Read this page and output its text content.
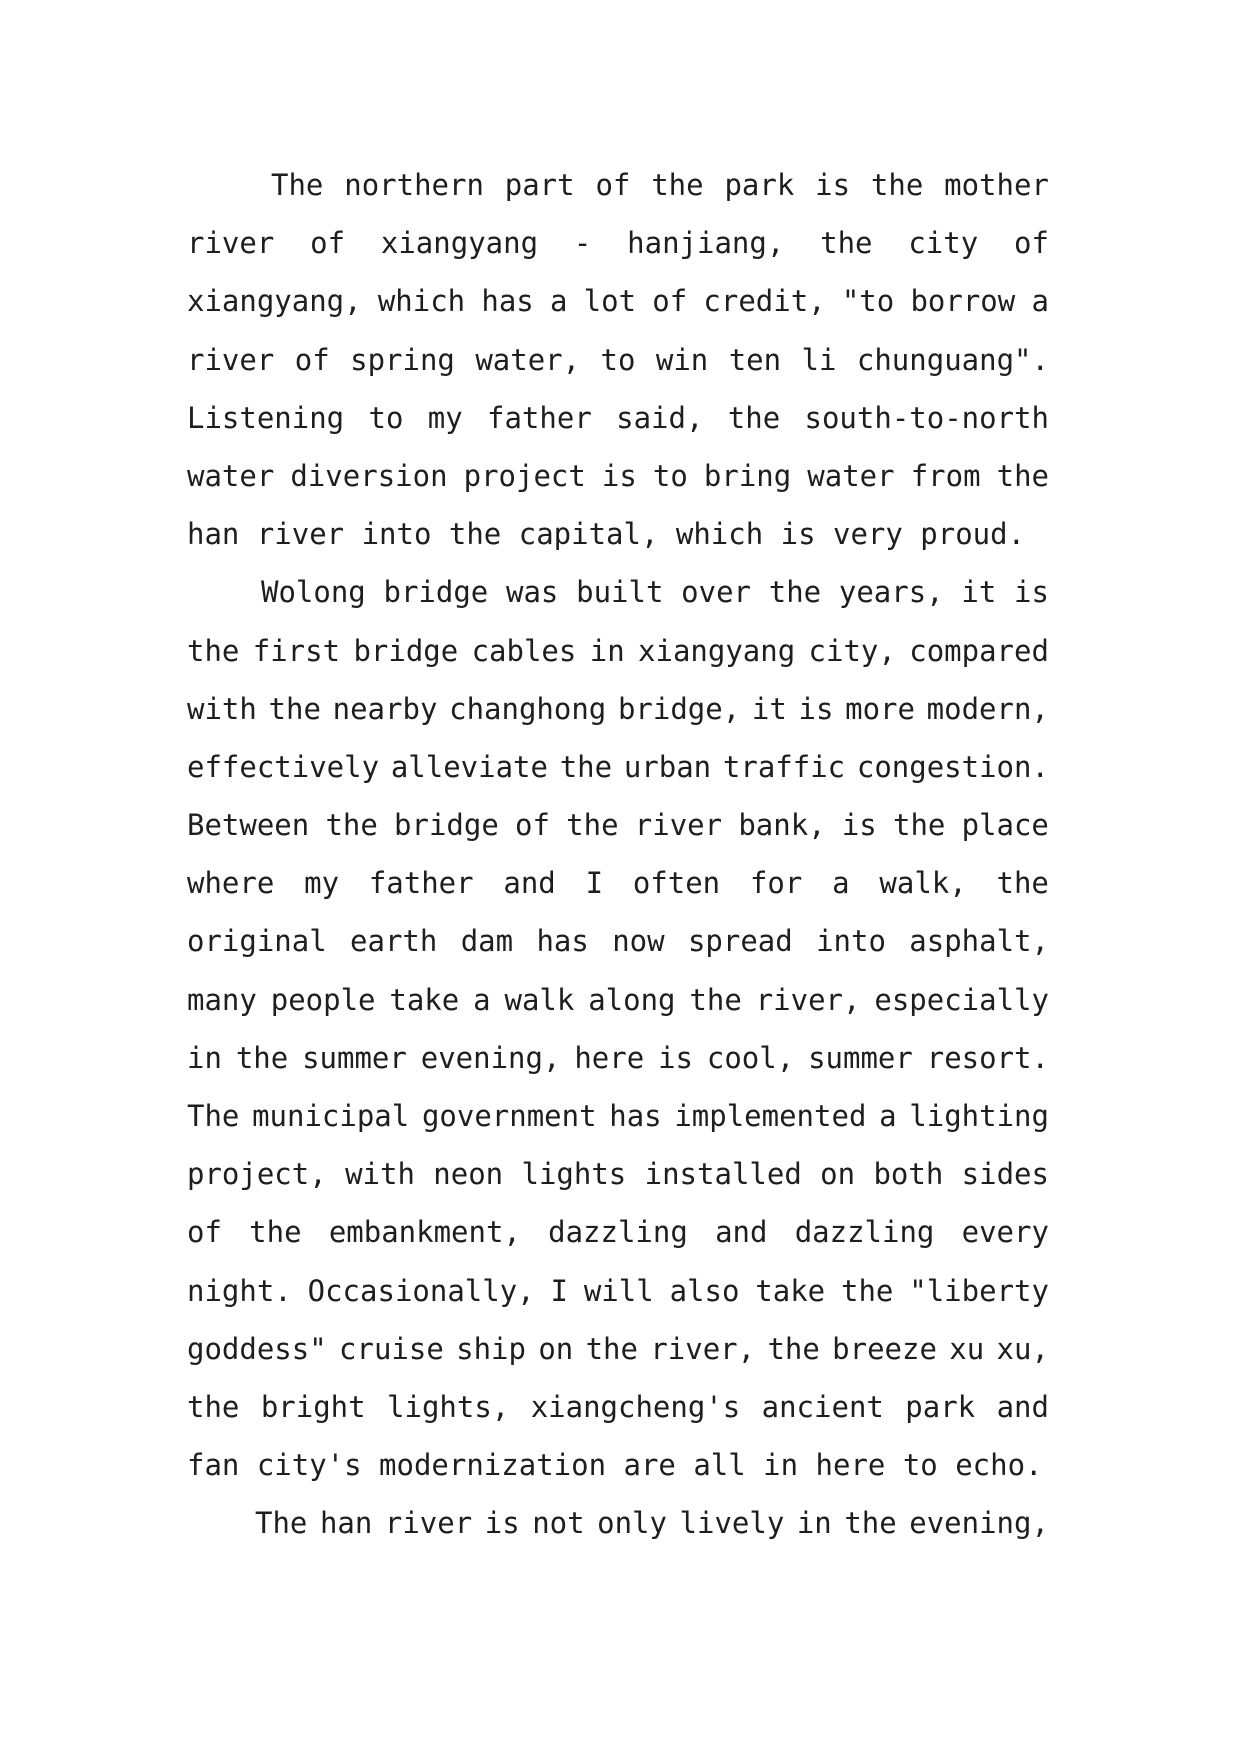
The northern part of the park is the mother
river of xiangyang - hanjiang, the city of
xiangyang, which has a lot of credit, "to borrow a
river of spring water, to win ten li chunguang".
Listening to my father said, the south-to-north
water diversion project is to bring water from the
han river into the capital, which is very proud.
Wolong bridge was built over the years, it is
the first bridge cables in xiangyang city, compared
with the nearby changhong bridge, it is more modern,
effectively alleviate the urban traffic congestion.
Between the bridge of the river bank, is the place
where my father and I often for a walk, the
original earth dam has now spread into asphalt,
many people take a walk along the river, especially
in the summer evening, here is cool, summer resort.
The municipal government has implemented a lighting
project, with neon lights installed on both sides
of the embankment, dazzling and dazzling every
night. Occasionally, I will also take the "liberty
goddess" cruise ship on the river, the breeze xu xu,
the bright lights, xiangcheng's ancient park and
fan city's modernization are all in here to echo.
The han river is not only lively in the evening,
